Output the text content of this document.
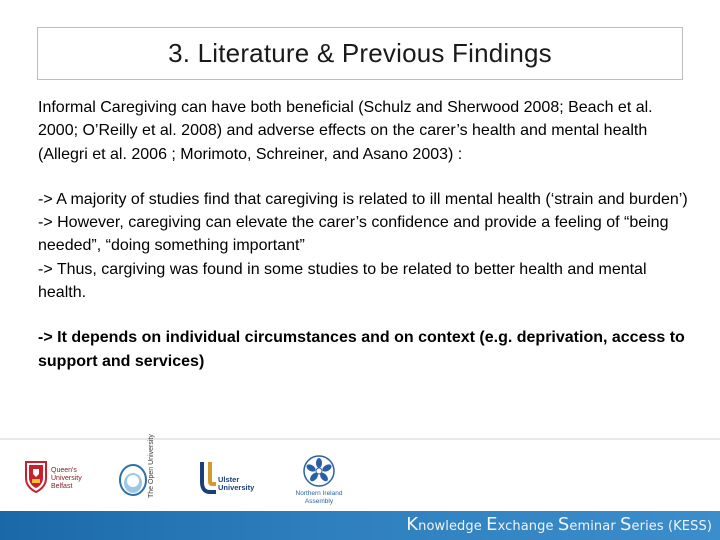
3. Literature & Previous Findings

Informal Caregiving can have both beneficial (Schulz and Sherwood 2008; Beach et al. 2000; O’Reilly et al. 2008) and adverse effects on the carer’s health and mental health (Allegri et al. 2006 ; Morimoto, Schreiner, and Asano 2003) :

-> A majority of studies find that caregiving is related to ill mental health (‘strain and burden’)

-> However, caregiving can elevate the carer’s confidence and provide a feeling of “being needed”, “doing something important”

-> Thus, cargiving was found in some studies to be related to better health and mental health.

-> It depends on individual circumstances and on context (e.g. deprivation, access to support and services)

Queen's University
Belfast	The Open University
Ulster
University
Northern Ireland
Assembly
Knowledge Exchange Seminar Series (KESS)
